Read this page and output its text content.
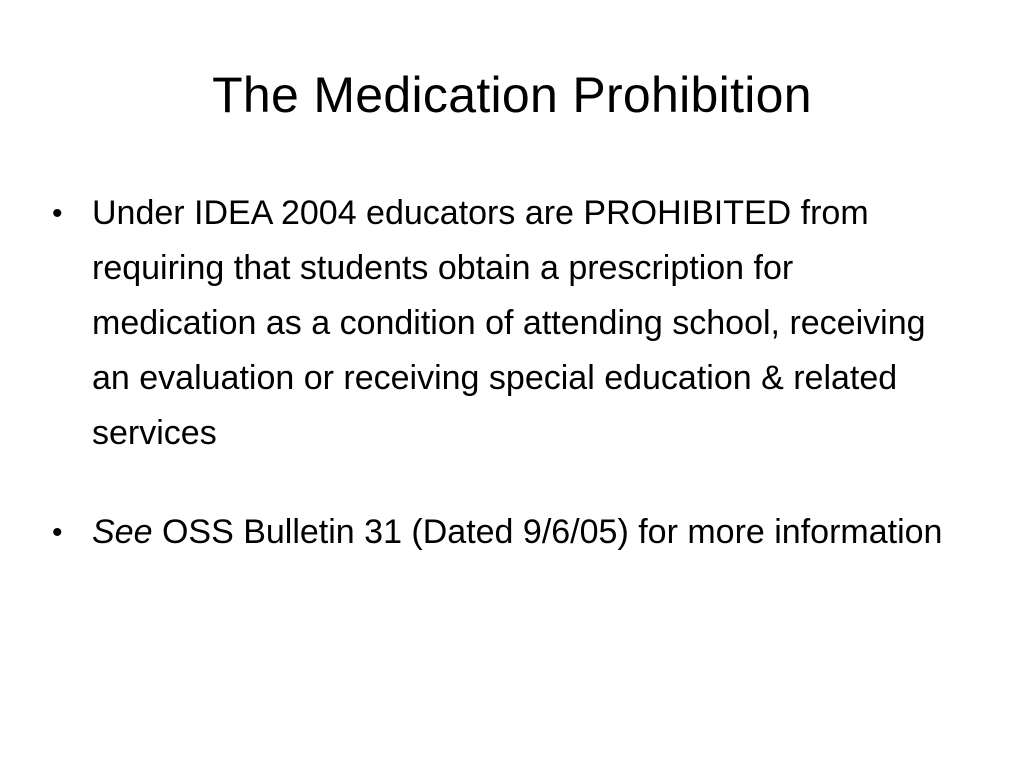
The Medication Prohibition
• Under IDEA 2004 educators are PROHIBITED from requiring that students obtain a prescription for medication as a condition of attending school, receiving an evaluation or receiving special education & related services
• See OSS Bulletin 31 (Dated 9/6/05) for more information
